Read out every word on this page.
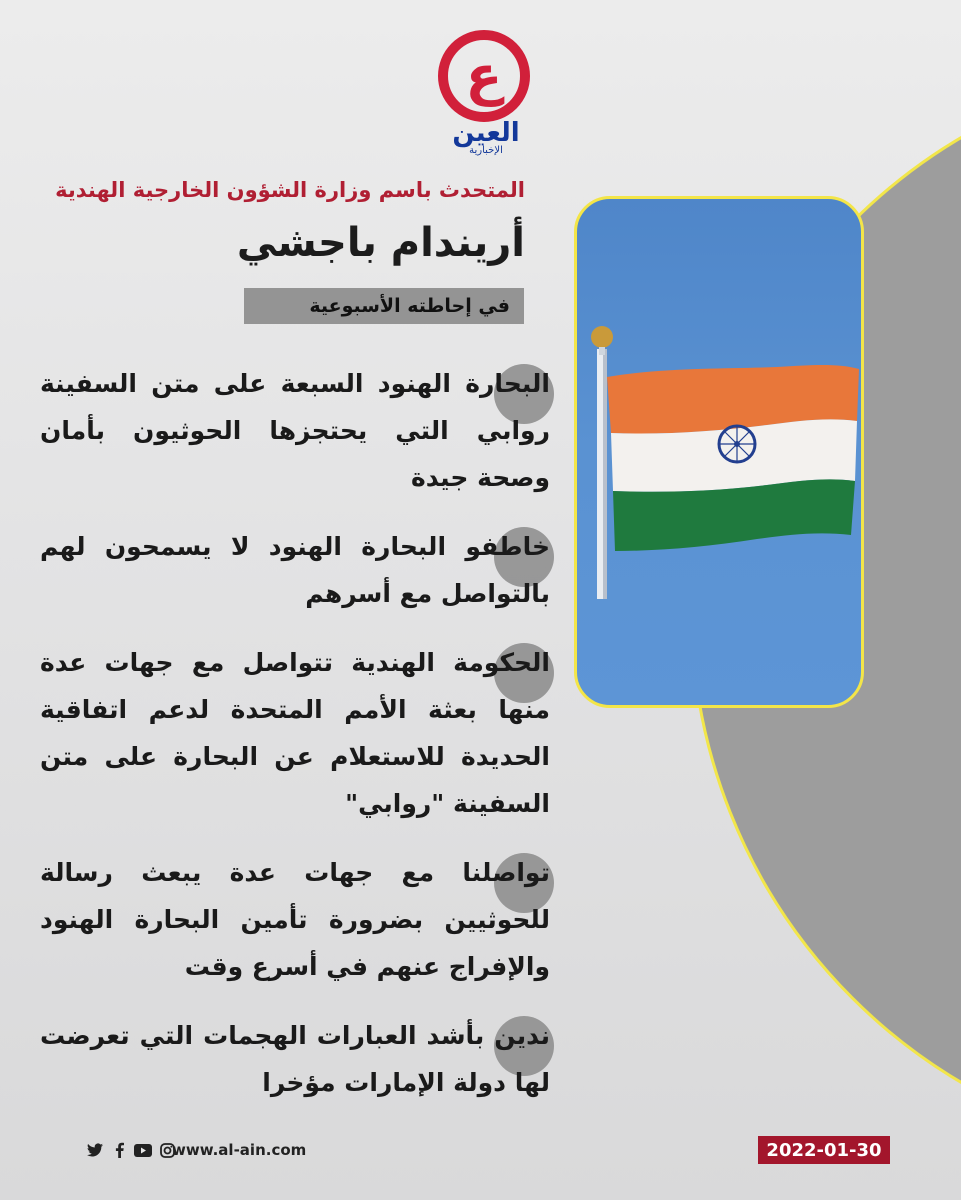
ع
العين
الإخبارية
المتحدث باسم وزارة الشؤون الخارجية الهندية
أريندام باجشي
في إحاطته الأسبوعية
البحارة الهنود السبعة على متن السفينة روابي التي يحتجزها الحوثيون بأمان وصحة جيدة
خاطفو البحارة الهنود لا يسمحون لهم بالتواصل مع أسرهم
الحكومة الهندية تتواصل مع جهات عدة منها بعثة الأمم المتحدة لدعم اتفاقية الحديدة للاستعلام عن البحارة على متن السفينة "روابي"
تواصلنا مع جهات عدة يبعث رسالة للحوثيين بضرورة تأمين البحارة الهنود والإفراج عنهم في أسرع وقت
ندين بأشد العبارات الهجمات التي تعرضت لها دولة الإمارات مؤخرا
www.al-ain.com	2022-01-30
